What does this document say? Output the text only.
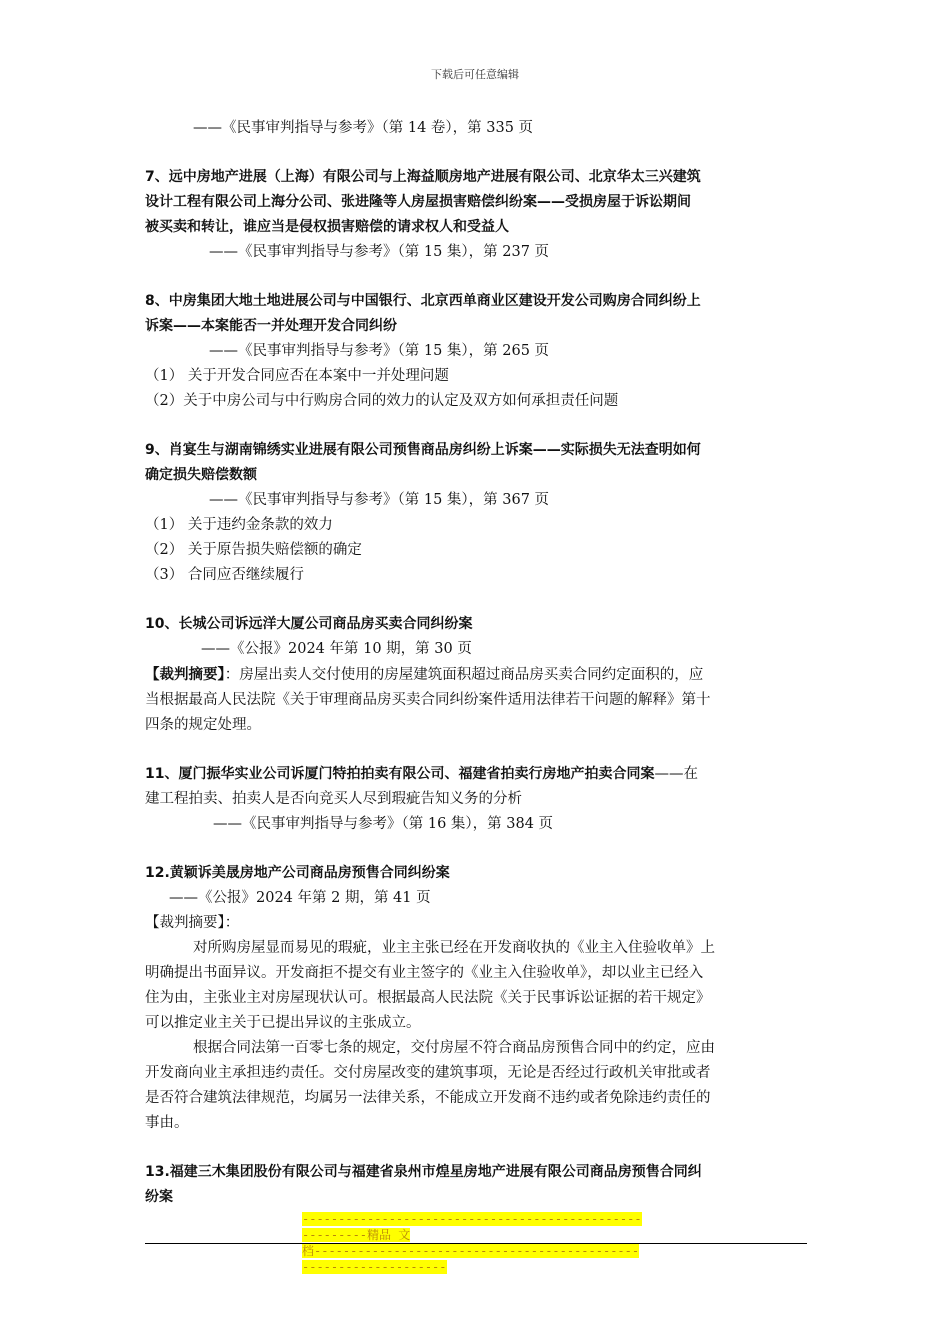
下载后可任意编辑
——《民事审判指导与参考》（第 14 卷），第 335 页
7、远中房地产进展（上海）有限公司与上海益顺房地产进展有限公司、北京华太三兴建筑
设计工程有限公司上海分公司、张进隆等人房屋损害赔偿纠纷案——受损房屋于诉讼期间
被买卖和转让，谁应当是侵权损害赔偿的请求权人和受益人
——《民事审判指导与参考》（第 15 集），第 237 页
8、中房集团大地土地进展公司与中国银行、北京西单商业区建设开发公司购房合同纠纷上
诉案——本案能否一并处理开发合同纠纷
——《民事审判指导与参考》（第 15 集），第 265 页
（1） 关于开发合同应否在本案中一并处理问题
（2）关于中房公司与中行购房合同的效力的认定及双方如何承担责任问题
9、肖宴生与湖南锦绣实业进展有限公司预售商品房纠纷上诉案——实际损失无法查明如何
确定损失赔偿数额
——《民事审判指导与参考》（第 15 集），第 367 页
（1） 关于违约金条款的效力
（2） 关于原告损失赔偿额的确定
（3） 合同应否继续履行
10、长城公司诉远洋大厦公司商品房买卖合同纠纷案
——《公报》2024 年第 10 期，第 30 页
【裁判摘要】：房屋出卖人交付使用的房屋建筑面积超过商品房买卖合同约定面积的，应
当根据最高人民法院《关于审理商品房买卖合同纠纷案件适用法律若干问题的解释》第十
四条的规定处理。
11、厦门振华实业公司诉厦门特拍拍卖有限公司、福建省拍卖行房地产拍卖合同案——在
建工程拍卖、拍卖人是否向竞买人尽到瑕疵告知义务的分析
——《民事审判指导与参考》（第 16 集），第 384 页
12.黄颖诉美晟房地产公司商品房预售合同纠纷案
——《公报》2024 年第 2 期，第 41 页
【裁判摘要】：
对所购房屋显而易见的瑕疵，业主主张已经在开发商收执的《业主入住验收单》上
明确提出书面异议。开发商拒不提交有业主签字的《业主入住验收单》，却以业主已经入
住为由，主张业主对房屋现状认可。根据最高人民法院《关于民事诉讼证据的若干规定》
可以推定业主关于已提出异议的主张成立。
根据合同法第一百零七条的规定，交付房屋不符合商品房预售合同中的约定，应由
开发商向业主承担违约责任。交付房屋改变的建筑事项，无论是否经过行政机关审批或者
是否符合建筑法律规范，均属另一法律关系，不能成立开发商不违约或者免除违约责任的
事由。
13.福建三木集团股份有限公司与福建省泉州市煌星房地产进展有限公司商品房预售合同纠
纷案
--------------------------------------------------------精品 文
档-----------------------------------------------------------------
